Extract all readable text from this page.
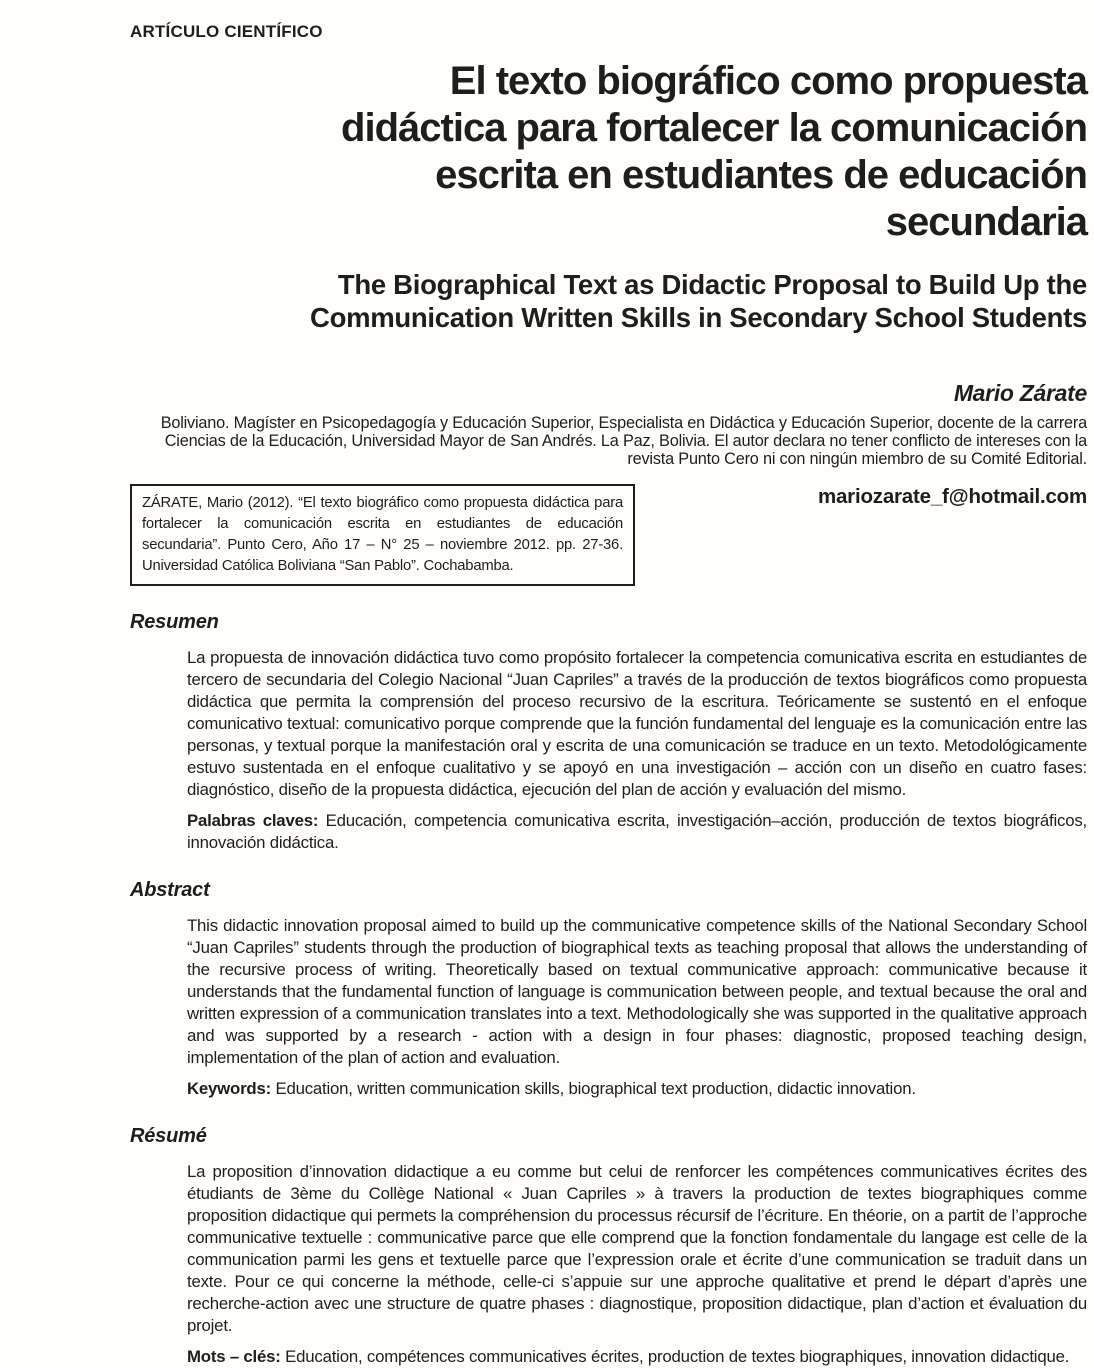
ARTÍCULO CIENTÍFICO
El texto biográfico como propuesta
didáctica para fortalecer la comunicación
escrita en estudiantes de educación
secundaria
The Biographical Text as Didactic Proposal to Build Up the
Communication Written Skills in Secondary School Students
Mario Zárate
Boliviano. Magíster en Psicopedagogía y Educación Superior, Especialista en Didáctica y Educación Superior, docente de la carrera Ciencias de la Educación, Universidad Mayor de San Andrés. La Paz, Bolivia. El autor declara no tener conflicto de intereses con la revista Punto Cero ni con ningún miembro de su Comité Editorial.
ZÁRATE, Mario (2012). “El texto biográfico como propuesta didáctica para fortalecer la comunicación escrita en estudiantes de educación secundaria”. Punto Cero, Año 17 – N° 25 – noviembre 2012. pp. 27-36. Universidad Católica Boliviana “San Pablo”. Cochabamba.
mariozarate_f@hotmail.com
Resumen

La propuesta de innovación didáctica tuvo como propósito fortalecer la competencia comunicativa escrita en estudiantes de tercero de secundaria del Colegio Nacional “Juan Capriles” a través de la producción de textos biográficos como propuesta didáctica que permita la comprensión del proceso recursivo de la escritura. Teóricamente se sustentó en el enfoque comunicativo textual: comunicativo porque comprende que la función fundamental del lenguaje es la comunicación entre las personas, y textual porque la manifestación oral y escrita de una comunicación se traduce en un texto. Metodológicamente estuvo sustentada en el enfoque cualitativo y se apoyó en una investigación – acción con un diseño en cuatro fases: diagnóstico, diseño de la propuesta didáctica, ejecución del plan de acción y evaluación del mismo.

Palabras claves: Educación, competencia comunicativa escrita, investigación–acción, producción de textos biográficos, innovación didáctica.

Abstract

This didactic innovation proposal aimed to build up the communicative competence skills of the National Secondary School “Juan Capriles” students through the production of biographical texts as teaching proposal that allows the understanding of the recursive process of writing. Theoretically based on textual communicative approach: communicative because it understands that the fundamental function of language is communication between people, and textual because the oral and written expression of a communication translates into a text. Methodologically she was supported in the qualitative approach and was supported by a research - action with a design in four phases: diagnostic, proposed teaching design, implementation of the plan of action and evaluation.

Keywords: Education, written communication skills, biographical text production, didactic innovation.

Résumé

La proposition d’innovation didactique a eu comme but celui de renforcer les compétences communicatives écrites des étudiants de 3ème du Collège National « Juan Capriles » à travers la production de textes biographiques comme proposition didactique qui permets la compréhension du processus récursif de l’écriture. En théorie, on a partit de l’approche communicative textuelle : communicative parce que elle comprend que la fonction fondamentale du langage est celle de la communication parmi les gens et textuelle parce que l’expression orale et écrite d’une communication se traduit dans un texte. Pour ce qui concerne la méthode, celle-ci s’appuie sur une approche qualitative et prend le départ d’après une recherche-action avec une structure de quatre phases : diagnostique, proposition didactique, plan d’action et évaluation du projet.

Mots – clés: Education, compétences communicatives écrites, production de textes biographiques, innovation didactique.
